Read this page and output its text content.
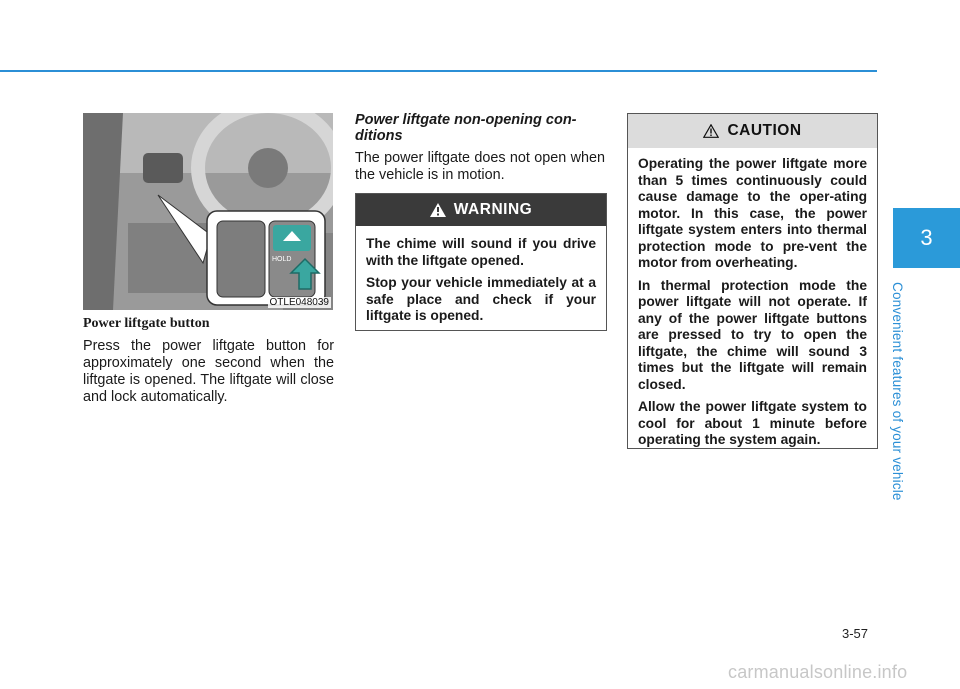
HOLD
OTLE048039
Power liftgate button
Press the power liftgate button for approximately one second when the liftgate is opened. The liftgate will close and lock automatically.
Power liftgate non-opening con-ditions
The power liftgate does not open when the vehicle is in motion.
WARNING

The chime will sound if you drive with the liftgate opened.

Stop your vehicle immediately at a safe place and check if your liftgate is opened.

CAUTION

Operating the power liftgate more than 5 times continuously could cause damage to the oper-ating motor. In this case, the power liftgate system enters into thermal protection mode to pre-vent the motor from overheating.

In thermal protection mode the power liftgate will not operate. If any of the power liftgate buttons are pressed to try to open the liftgate, the chime will sound 3 times but the liftgate will remain closed.

Allow the power liftgate system to cool for about 1 minute before operating the system again.

3
Convenient features of your vehicle
3-57
carmanualsonline.info
